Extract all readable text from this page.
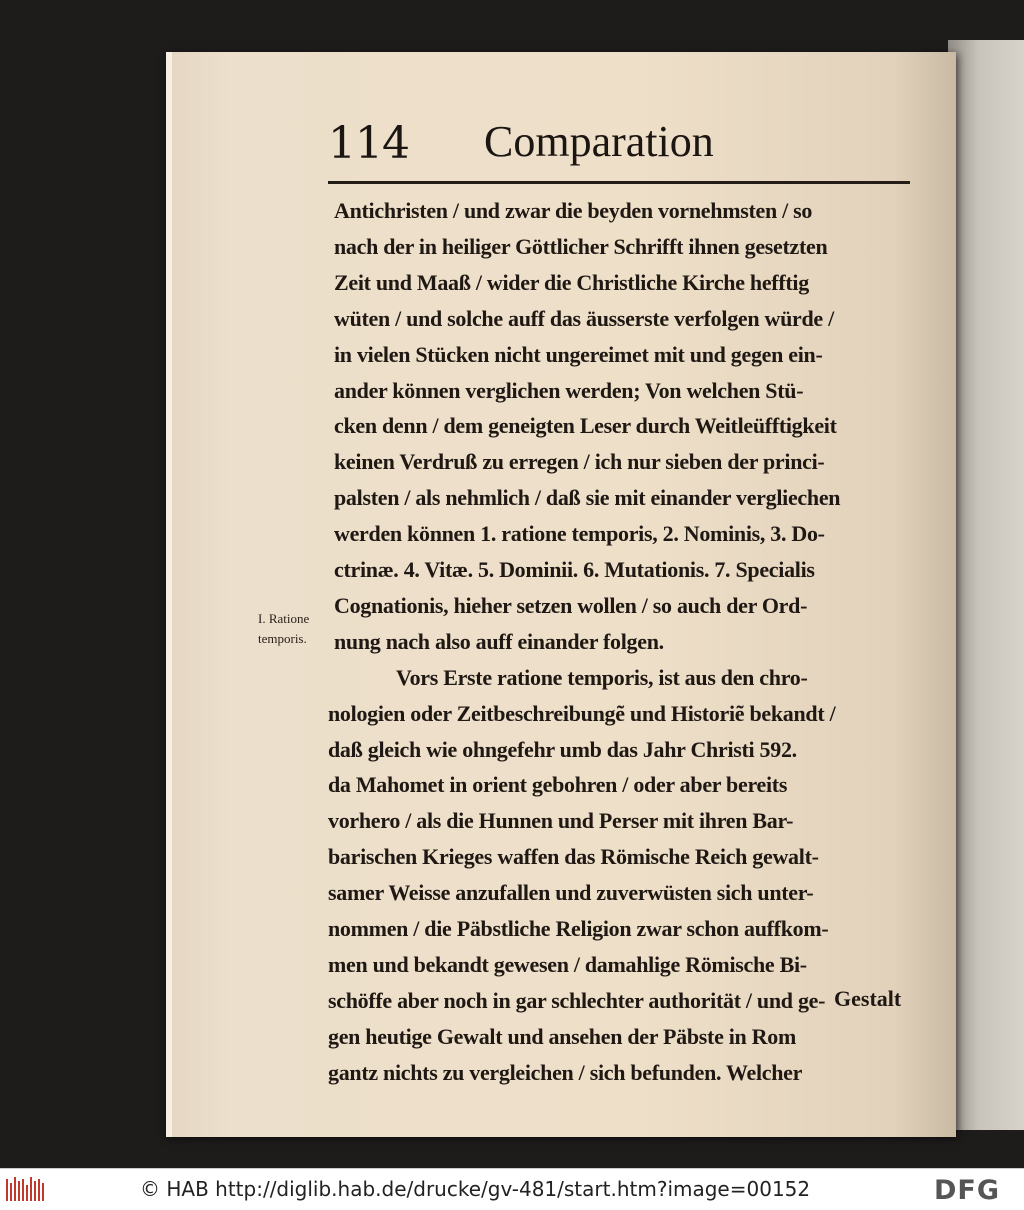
114 Comparation
Antichristen / und zwar die beyden vornehmsten / so
nach der in heiliger Göttlicher Schrifft ihnen gesetzten
Zeit und Maaß / wider die Christliche Kirche hefftig
wüten / und solche auff das äusserste verfolgen würde /
in vielen Stücken nicht ungereimet mit und gegen ein-
ander können verglichen werden; Von welchen Stü-
cken denn / dem geneigten Leser durch Weitleüfftigkeit
keinen Verdruß zu erregen / ich nur sieben der princi-
palsten / als nehmlich / daß sie mit einander vergliechen
werden können 1. ratione temporis, 2. Nominis, 3. Do-
ctrinæ. 4. Vitæ. 5. Dominii. 6. Mutationis. 7. Specialis
Cognationis, hieher setzen wollen / so auch der Ord-
nung nach also auff einander folgen.
Vors Erste ratione temporis, ist aus den chro-
nologien oder Zeitbeschreibungẽ und Historiẽ bekandt /
daß gleich wie ohngefehr umb das Jahr Christi 592.
da Mahomet in orient gebohren / oder aber bereits
vorhero / als die Hunnen und Perser mit ihren Bar-
barischen Krieges waffen das Römische Reich gewalt-
samer Weisse anzufallen und zuverwüsten sich unter-
nommen / die Päbstliche Religion zwar schon auffkom-
men und bekandt gewesen / damahlige Römische Bi-
schöffe aber noch in gar schlechter authorität / und ge-
gen heutige Gewalt und ansehen der Päbste in Rom
gantz nichts zu vergleichen / sich befunden. Welcher
I. Ratione
temporis.
Gestalt
© HAB http://diglib.hab.de/drucke/gv-481/start.htm?image=00152	DFG
